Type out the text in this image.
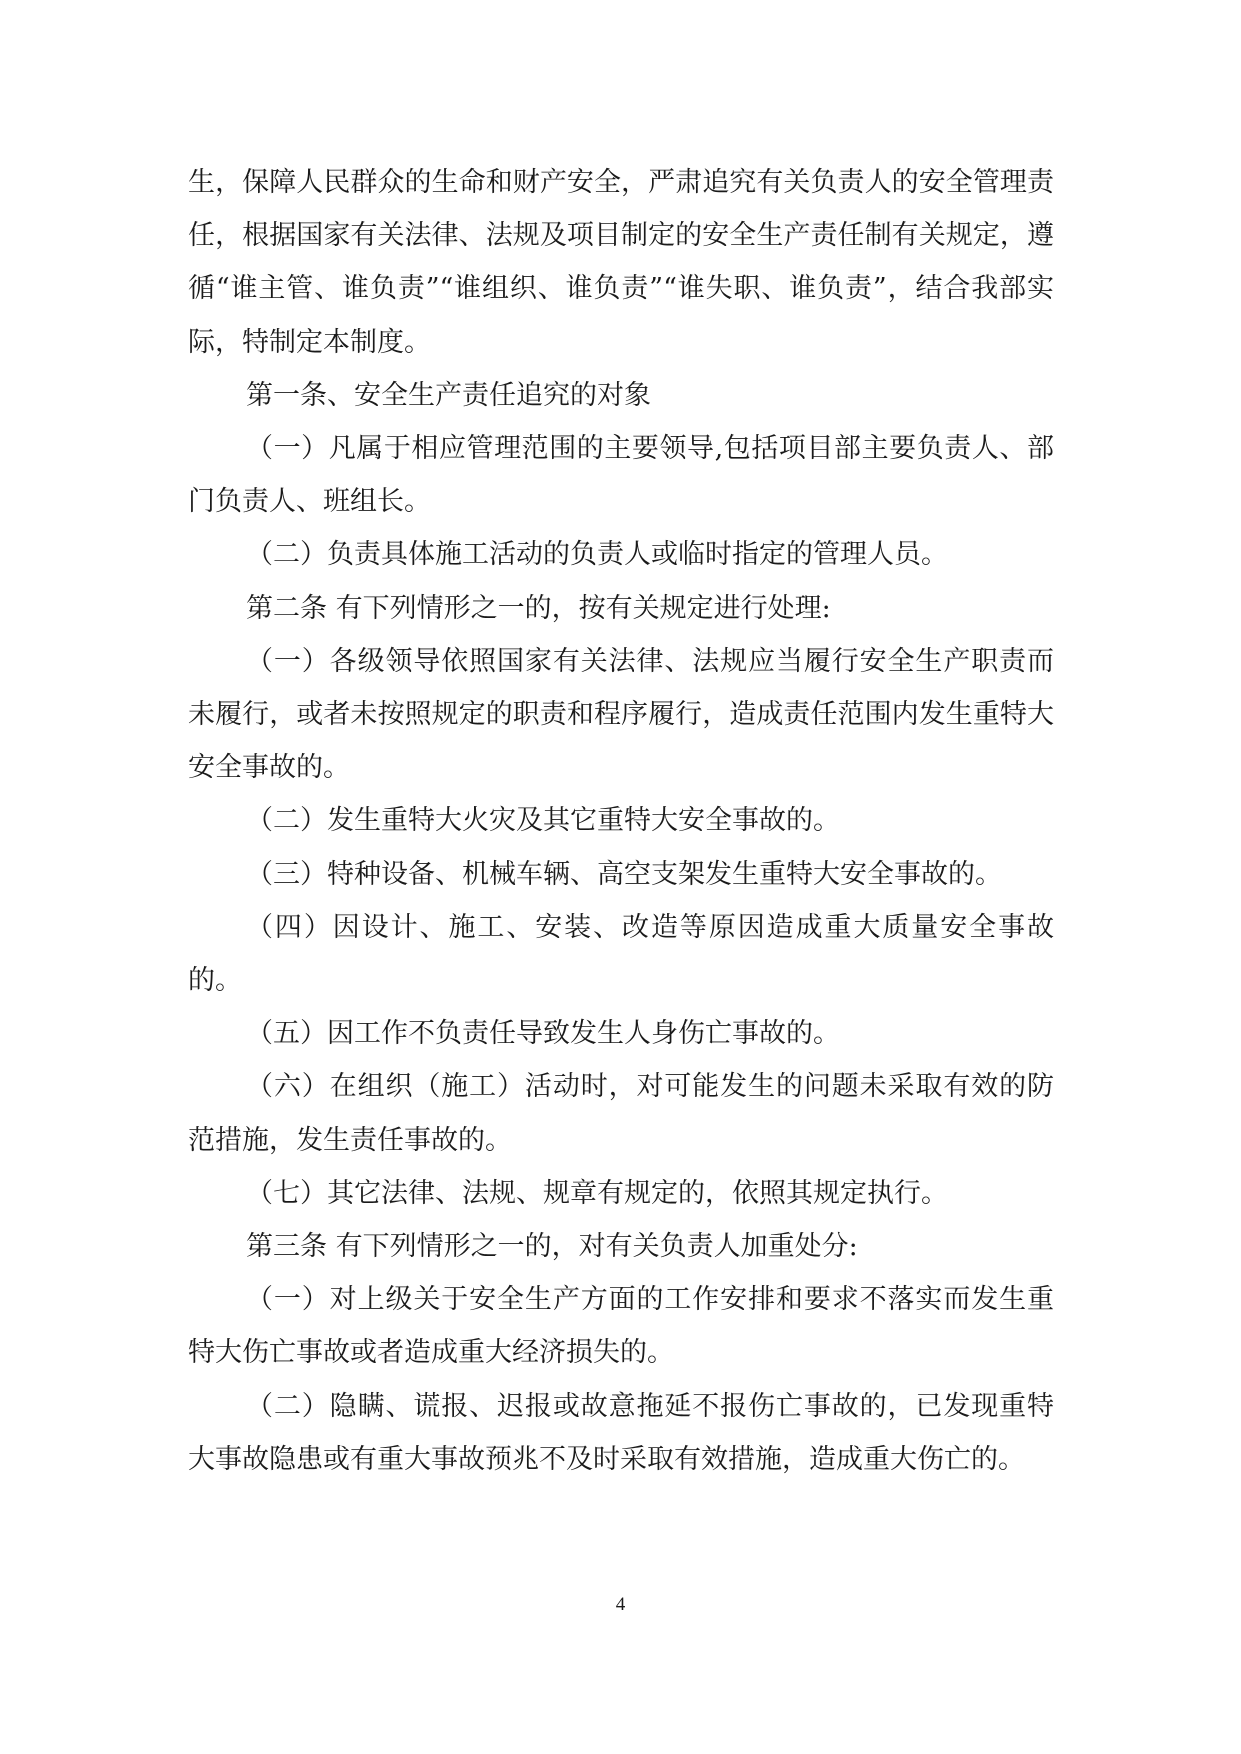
生，保障人民群众的生命和财产安全，严肃追究有关负责人的安全管理责任，根据国家有关法律、法规及项目制定的安全生产责任制有关规定，遵循“谁主管、谁负责”“谁组织、谁负责”“谁失职、谁负责”，结合我部实际，特制定本制度。

第一条、安全生产责任追究的对象

（一）凡属于相应管理范围的主要领导,包括项目部主要负责人、部门负责人、班组长。

（二）负责具体施工活动的负责人或临时指定的管理人员。

第二条 有下列情形之一的，按有关规定进行处理:

（一）各级领导依照国家有关法律、法规应当履行安全生产职责而未履行，或者未按照规定的职责和程序履行，造成责任范围内发生重特大安全事故的。

（二）发生重特大火灾及其它重特大安全事故的。

（三）特种设备、机械车辆、高空支架发生重特大安全事故的。

（四）因设计、施工、安装、改造等原因造成重大质量安全事故的。

（五）因工作不负责任导致发生人身伤亡事故的。

（六）在组织（施工）活动时，对可能发生的问题未采取有效的防范措施，发生责任事故的。

（七）其它法律、法规、规章有规定的，依照其规定执行。

第三条 有下列情形之一的，对有关负责人加重处分:

（一）对上级关于安全生产方面的工作安排和要求不落实而发生重特大伤亡事故或者造成重大经济损失的。

（二）隐瞒、谎报、迟报或故意拖延不报伤亡事故的，已发现重特大事故隐患或有重大事故预兆不及时采取有效措施，造成重大伤亡的。

4
